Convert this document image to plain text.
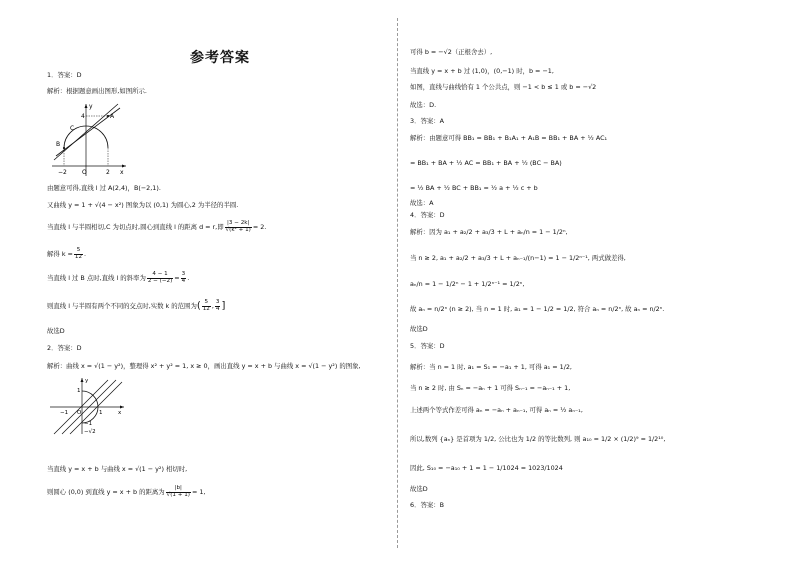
参考答案
1．答案：D
解析：根据题意画出图形,如图所示.
y
4
C
A
B
O	2
−2	x
由题意可得,直线 l 过 A(2,4)，B(−2,1).
又曲线 y = 1 + √(4 − x²) 图象为以 (0,1) 为圆心,2 为半径的半圆.
当直线 l 与半圆相切,C 为切点时,圆心到直线 l 的距离 d = r,即 $\frac{|3 - 2k|}{\text{√(k² + 1)}} = 2$.
解得 $k = \frac{5}{12}$ .
当直线 l 过 B 点时,直线 l 的斜率为 $\frac{4 - 1}{2 - (-2)} = \frac{3}{4}$ .
则直线 l 与半圆有两个不同的交点时,实数 k 的范围为( $\frac{5}{12}$ , $\frac{3}{4}$ ]
故选D
2．答案：D
解析：曲线 x = √(1 − y²)，整理得 x² + y² = 1, x ≥ 0，画出直线 y = x + b 与曲线 x = √(1 − y²) 的图象,
y
1
−1 O	1	x
−1
−√2
当直线 y = x + b 与曲线 x = √(1 − y²) 相切时,
则圆心 (0,0) 到直线 y = x + b 的距离为 $\frac{|b|}{√(1 + 1)} = 1$,
可得 b = −√2（正根舍去）,
当直线 y = x + b 过 (1,0)，(0,−1) 时，b = −1,
如图，直线与曲线恰有 1 个公共点，则 −1 < b ≤ 1 或 b = −√2
故选：D.
3．答案：A
解析：由题意可得 BB₁ = BB₁ + B₁A₁ + A₁B = BB₁ + BA + ½ AC₁
= BB₁ + BA + ½ AC = BB₁ + BA + ½ (BC − BA)
= ½ BA + ½ BC + BB₁ = ½ a + ½ c + b
故选：A
4．答案：D
解析：因为 a₁ + a₂/2 + a₃/3 + L + aₙ/n = 1 − 1/2ⁿ,
当 n ≥ 2, a₁ + a₂/2 + a₃/3 + L + aₙ₋₁/(n−1) = 1 − 1/2ⁿ⁻¹, 两式做差得,
aₙ/n = 1 − 1/2ⁿ − 1 + 1/2ⁿ⁻¹ = 1/2ⁿ,
故 aₙ = n/2ⁿ (n ≥ 2), 当 n = 1 时, a₁ = 1 − 1/2 = 1/2, 符合 aₙ = n/2ⁿ, 故 aₙ = n/2ⁿ.
故选D
5．答案：D
解析：当 n = 1 时, a₁ = S₁ = −a₁ + 1, 可得 a₁ = 1/2,
当 n ≥ 2 时, 由 Sₙ = −aₙ + 1 可得 Sₙ₋₁ = −aₙ₋₁ + 1,
上述两个等式作差可得 aₙ = −aₙ + aₙ₋₁, 可得 aₙ = ½ aₙ₋₁,
所以,数列 {aₙ} 是首项为 1/2, 公比也为 1/2 的等比数列, 则 a₁₀ = 1/2 × (1/2)⁹ = 1/2¹⁰,
因此, S₁₀ = −a₁₀ + 1 = 1 − 1/1024 = 1023/1024
故选D
6．答案：B
